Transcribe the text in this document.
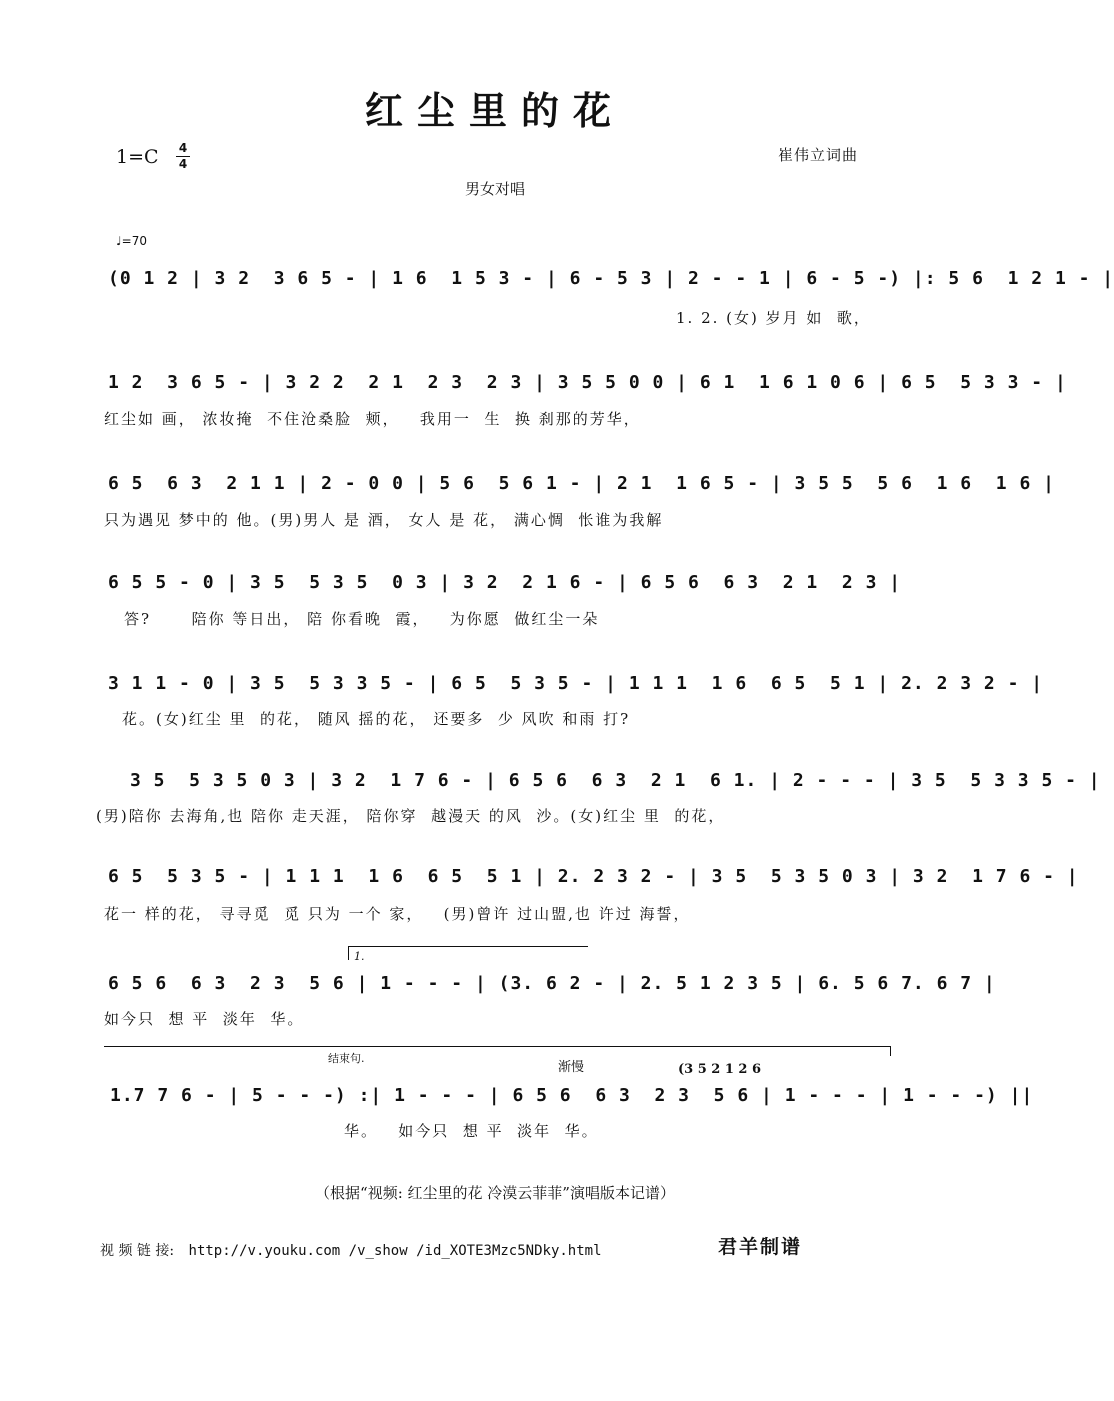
红尘里的花
1=C 4
4	崔伟立词曲
男女对唱
♩=70
(0 1 2 | 3 2  3 6 5 - | 1 6  1 5 3 - | 6 - 5 3 | 2 - - 1 | 6 - 5 -) |: 5 6  1 2 1 - |
1. 2. (女) 岁月 如  歌，
1 2  3 6 5 - | 3 2 2  2 1  2 3  2 3 | 3 5 5 0 0 | 6 1  1 6 1 0 6 | 6 5  5 3 3 - |
红尘如 画， 浓妆掩  不住沧桑脸  颊，   我用一  生  换 刹那的芳华，
6 5  6 3  2 1 1 | 2 - 0 0 | 5 6  5 6 1 - | 2 1  1 6 5 - | 3 5 5  5 6  1 6  1 6 |
只为遇见 梦中的 他。(男)男人 是 酒， 女人 是 花， 满心惆  怅谁为我解
6 5 5 - 0 | 3 5  5 3 5  0 3 | 3 2  2 1 6 - | 6 5 6  6 3  2 1  2 3 |
答?      陪你 等日出， 陪 你看晚  霞，   为你愿  做红尘一朵
3 1 1 - 0 | 3 5  5 3 3 5 - | 6 5  5 3 5 - | 1 1 1  1 6  6 5  5 1 | 2. 2 3 2 - |
花。(女)红尘 里  的花， 随风 摇的花， 还要多  少 风吹 和雨 打?
3 5  5 3 5 0 3 | 3 2  1 7 6 - | 6 5 6  6 3  2 1  6 1. | 2 - - - | 3 5  5 3 3 5 - |
(男)陪你 去海角,也 陪你 走天涯， 陪你穿  越漫天 的风  沙。(女)红尘 里  的花，
6 5  5 3 5 - | 1 1 1  1 6  6 5  5 1 | 2. 2 3 2 - | 3 5  5 3 5 0 3 | 3 2  1 7 6 - |
花一 样的花， 寻寻觅  觅 只为 一个 家，   (男)曾许 过山盟,也 许过 海誓，
1.
6 5 6  6 3  2 3  5 6 | 1 - - - | (3. 6 2 - | 2. 5 1 2 3 5 | 6. 5 6 7. 6 7 |
如今只  想 平  淡年  华。
结束句.
渐慢	(3 5 2 1 2 6
1.7 7 6 - | 5 - - -) :| 1 - - - | 6 5 6  6 3  2 3  5 6 | 1 - - - | 1 - - -) ||
华。   如今只  想 平  淡年  华。
（根据“视频: 红尘里的花 冷漠云菲菲”演唱版本记谱）
视 频 链 接: http://v.youku.com /v_show /id_XOTE3Mzc5NDky.html	君羊制谱
